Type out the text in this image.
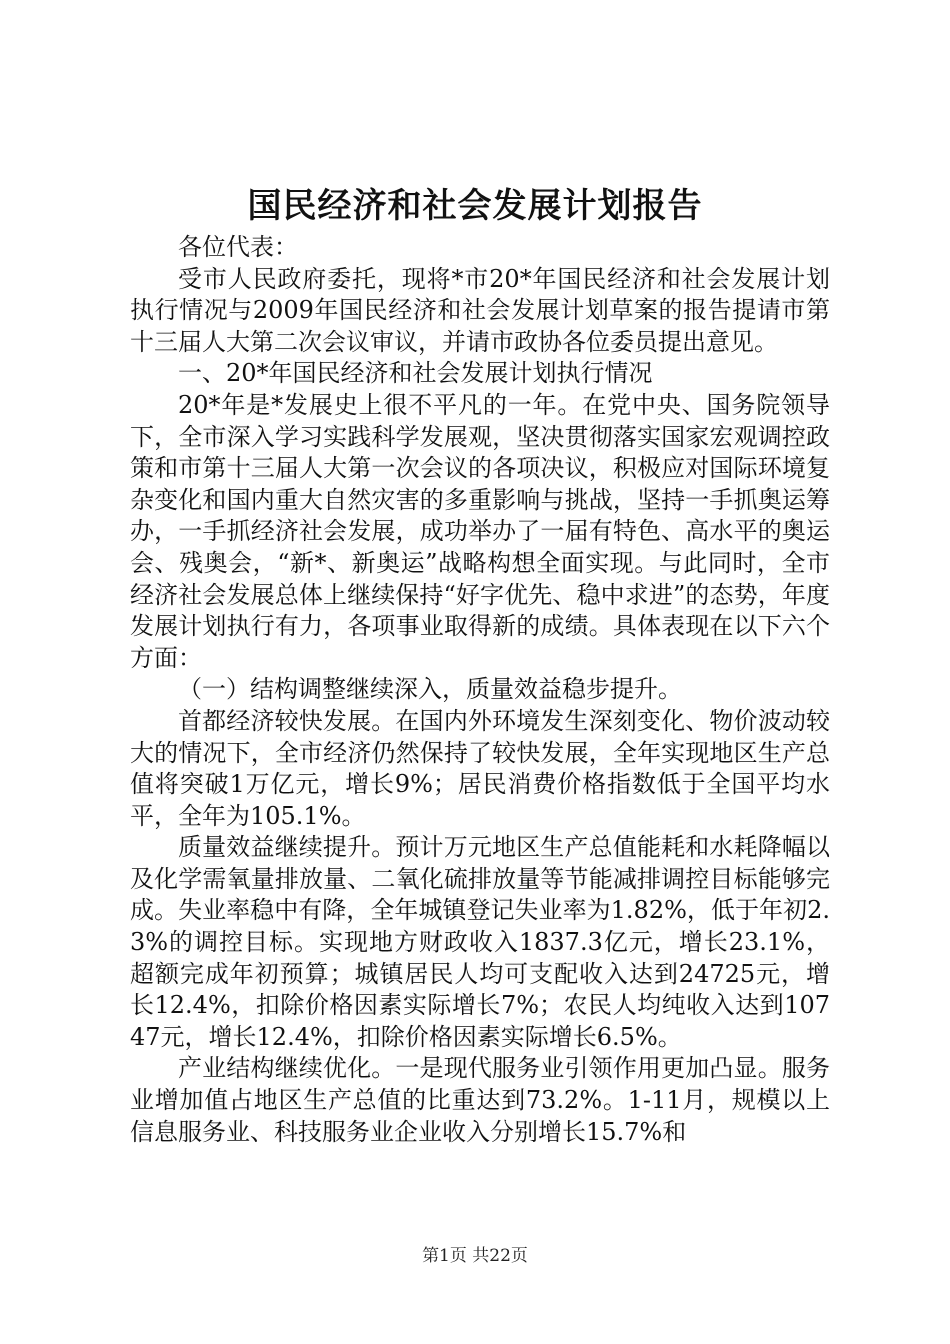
国民经济和社会发展计划报告

各位代表：

受市人民政府委托，现将*市20*年国民经济和社会发展计划执行情况与2009年国民经济和社会发展计划草案的报告提请市第十三届人大第二次会议审议，并请市政协各位委员提出意见。

一、20*年国民经济和社会发展计划执行情况

20*年是*发展史上很不平凡的一年。在党中央、国务院领导下，全市深入学习实践科学发展观，坚决贯彻落实国家宏观调控政策和市第十三届人大第一次会议的各项决议，积极应对国际环境复杂变化和国内重大自然灾害的多重影响与挑战，坚持一手抓奥运筹办，一手抓经济社会发展，成功举办了一届有特色、高水平的奥运会、残奥会，“新*、新奥运”战略构想全面实现。与此同时，全市经济社会发展总体上继续保持“好字优先、稳中求进”的态势，年度发展计划执行有力，各项事业取得新的成绩。具体表现在以下六个方面：

（一）结构调整继续深入，质量效益稳步提升。

首都经济较快发展。在国内外环境发生深刻变化、物价波动较大的情况下，全市经济仍然保持了较快发展，全年实现地区生产总值将突破1万亿元，增长9%；居民消费价格指数低于全国平均水平，全年为105.1%。

质量效益继续提升。预计万元地区生产总值能耗和水耗降幅以及化学需氧量排放量、二氧化硫排放量等节能减排调控目标能够完成。失业率稳中有降，全年城镇登记失业率为1.82%，低于年初2.3%的调控目标。实现地方财政收入1837.3亿元，增长23.1%，超额完成年初预算；城镇居民人均可支配收入达到24725元，增长12.4%，扣除价格因素实际增长7%；农民人均纯收入达到10747元，增长12.4%，扣除价格因素实际增长6.5%。

产业结构继续优化。一是现代服务业引领作用更加凸显。服务业增加值占地区生产总值的比重达到73.2%。1-11月，规模以上信息服务业、科技服务业企业收入分别增长15.7%和

第1页 共22页
